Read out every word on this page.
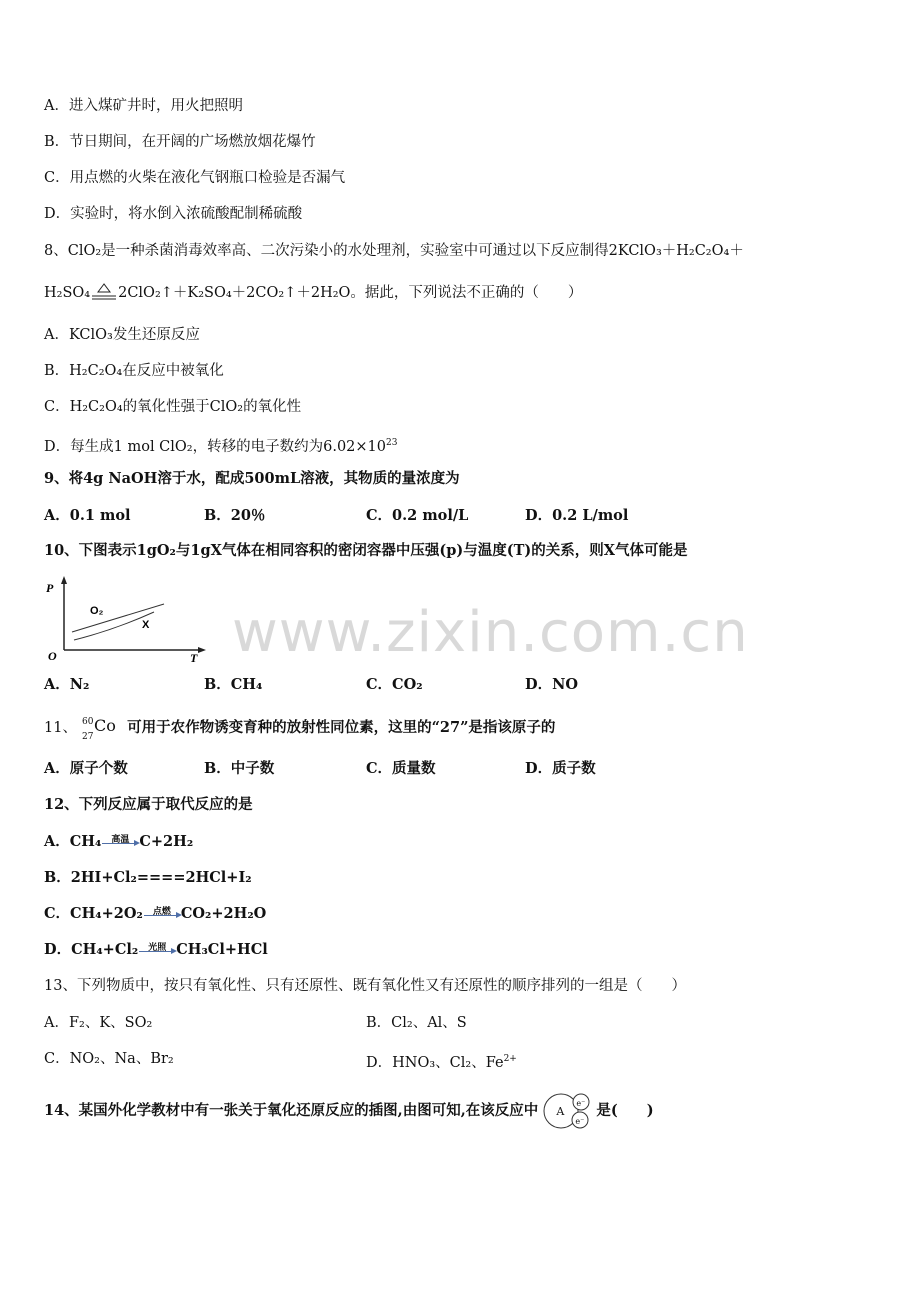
www.zixin.com.cn
A．进入煤矿井时，用火把照明
B．节日期间，在开阔的广场燃放烟花爆竹
C．用点燃的火柴在液化气钢瓶口检验是否漏气
D．实验时，将水倒入浓硫酸配制稀硫酸
8、ClO₂是一种杀菌消毒效率高、二次污染小的水处理剂，实验室中可通过以下反应制得2KClO₃＋H₂C₂O₄＋
H₂SO₄ 2ClO₂↑＋K₂SO₄＋2CO₂↑＋2H₂O。据此，下列说法不正确的（　　）
A．KClO₃发生还原反应
B．H₂C₂O₄在反应中被氧化
C．H₂C₂O₄的氧化性强于ClO₂的氧化性
D．每生成1 mol ClO₂，转移的电子数约为$6.02\times 10^{23}$
9、将4g NaOH溶于水，配成500mL溶液，其物质的量浓度为
A．0.1 mol	B．20％	C．0.2 mol/L	D．0.2 L/mol
10、下图表示1gO₂与1gX气体在相同容积的密闭容器中压强(p)与温度(T)的关系，则X气体可能是
P
T
O
O₂
X
A．N₂	B．CH₄	C．CO₂	D．NO
11、 60
27
Co 可用于农作物诱变育种的放射性同位素，这里的“27”是指该原子的
A．原子个数	B．中子数	C．质量数	D．质子数
12、下列反应属于取代反应的是
A．CH₄	高温 C+2H₂
B．2HI+Cl₂====2HCl+I₂
C．CH₄+2O₂	点燃 CO₂+2H₂O
D．CH₄+Cl₂	光照 CH₃Cl+HCl
13、下列物质中，按只有氧化性、只有还原性、既有氧化性又有还原性的顺序排列的一组是（　　）
A．F₂、K、SO₂	B．Cl₂、Al、S
C．NO₂、Na、Br₂	D．HNO₃、Cl₂、$Fe^{2+}$
14、某国外化学教材中有一张关于氧化还原反应的插图,由图可知,在该反应中 A
e⁻
e⁻
是(　　)
